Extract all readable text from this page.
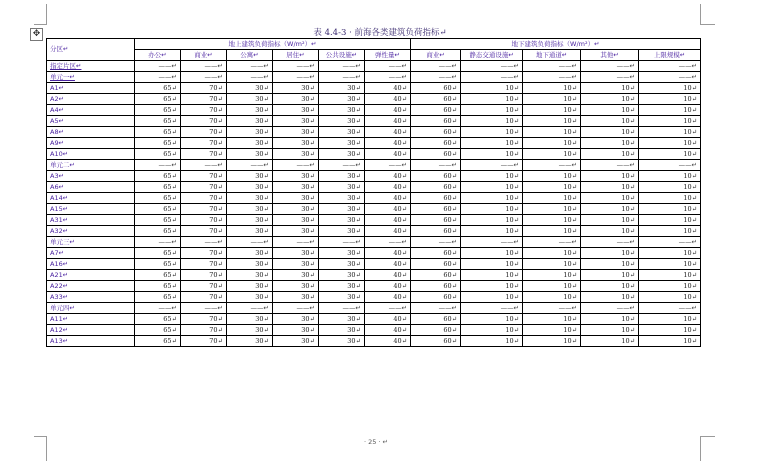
✥	表 4.4-3 · 前海各类建筑负荷指标↵
分区↵	地上建筑负荷指标（W/m²）↵						地下建筑负荷指标（W/m²）↵				
	办公↵	商业↵	公寓↵	居住↵	公共设施↵	弹性量↵	商业↵	静态交通设施↵	地下通道↵	其他↵	上限规模↵
指定片区↵	——↵	——↵	——↵	——↵	——↵	——↵	——↵	——↵	——↵	——↵	——↵
单元一↵	——↵	——↵	——↵	——↵	——↵	——↵	——↵	——↵	——↵	——↵	——↵
A1↵	65↵	70↵	30↵	30↵	30↵	40↵	60↵	10↵	10↵	10↵	10↵
A2↵	65↵	70↵	30↵	30↵	30↵	40↵	60↵	10↵	10↵	10↵	10↵
A4↵	65↵	70↵	30↵	30↵	30↵	40↵	60↵	10↵	10↵	10↵	10↵
A5↵	65↵	70↵	30↵	30↵	30↵	40↵	60↵	10↵	10↵	10↵	10↵
A8↵	65↵	70↵	30↵	30↵	30↵	40↵	60↵	10↵	10↵	10↵	10↵
A9↵	65↵	70↵	30↵	30↵	30↵	40↵	60↵	10↵	10↵	10↵	10↵
A10↵	65↵	70↵	30↵	30↵	30↵	40↵	60↵	10↵	10↵	10↵	10↵
单元二↵	——↵	——↵	——↵	——↵	——↵	——↵	——↵	——↵	——↵	——↵	——↵
A3↵	65↵	70↵	30↵	30↵	30↵	40↵	60↵	10↵	10↵	10↵	10↵
A6↵	65↵	70↵	30↵	30↵	30↵	40↵	60↵	10↵	10↵	10↵	10↵
A14↵	65↵	70↵	30↵	30↵	30↵	40↵	60↵	10↵	10↵	10↵	10↵
A15↵	65↵	70↵	30↵	30↵	30↵	40↵	60↵	10↵	10↵	10↵	10↵
A31↵	65↵	70↵	30↵	30↵	30↵	40↵	60↵	10↵	10↵	10↵	10↵
A32↵	65↵	70↵	30↵	30↵	30↵	40↵	60↵	10↵	10↵	10↵	10↵
单元三↵	——↵	——↵	——↵	——↵	——↵	——↵	——↵	——↵	——↵	——↵	——↵
A7↵	65↵	70↵	30↵	30↵	30↵	40↵	60↵	10↵	10↵	10↵	10↵
A16↵	65↵	70↵	30↵	30↵	30↵	40↵	60↵	10↵	10↵	10↵	10↵
A21↵	65↵	70↵	30↵	30↵	30↵	40↵	60↵	10↵	10↵	10↵	10↵
A22↵	65↵	70↵	30↵	30↵	30↵	40↵	60↵	10↵	10↵	10↵	10↵
A33↵	65↵	70↵	30↵	30↵	30↵	40↵	60↵	10↵	10↵	10↵	10↵
单元四↵	——↵	——↵	——↵	——↵	——↵	——↵	——↵	——↵	——↵	——↵	——↵
A11↵	65↵	70↵	30↵	30↵	30↵	40↵	60↵	10↵	10↵	10↵	10↵
A12↵	65↵	70↵	30↵	30↵	30↵	40↵	60↵	10↵	10↵	10↵	10↵
A13↵	65↵	70↵	30↵	30↵	30↵	40↵	60↵	10↵	10↵	10↵	10↵
· 25 · ↵
